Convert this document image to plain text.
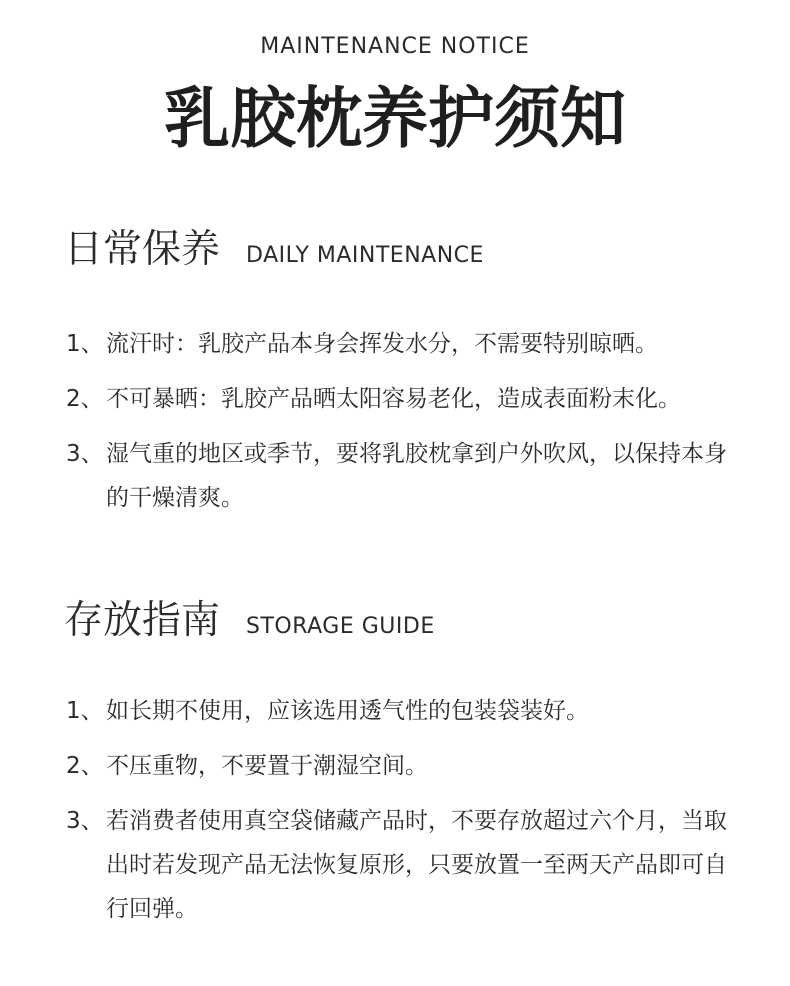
MAINTENANCE NOTICE
乳胶枕养护须知
日常保养 DAILY MAINTENANCE
1、 流汗时：乳胶产品本身会挥发水分，不需要特别晾晒。
2、 不可暴晒：乳胶产品晒太阳容易老化，造成表面粉末化。
3、 湿气重的地区或季节，要将乳胶枕拿到户外吹风，以保持本身的干燥清爽。
存放指南 STORAGE GUIDE
1、 如长期不使用，应该选用透气性的包装袋装好。
2、 不压重物，不要置于潮湿空间。
3、 若消费者使用真空袋储藏产品时，不要存放超过六个月，当取出时若发现产品无法恢复原形，只要放置一至两天产品即可自行回弹。
